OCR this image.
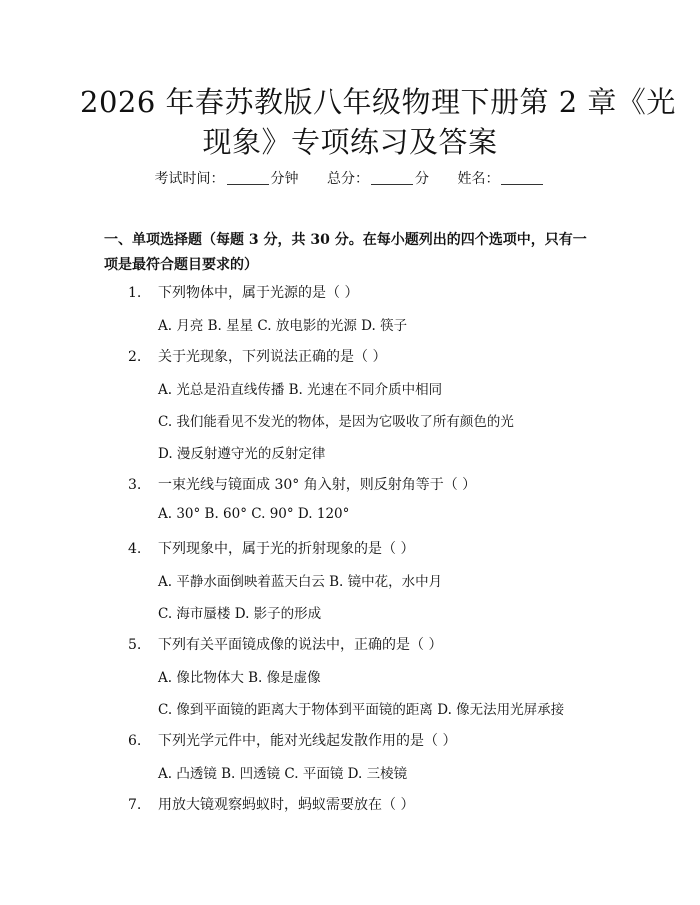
2026 年春苏教版八年级物理下册第 2 章《光
现象》专项练习及答案
考试时间：	分钟 总分：	分 姓名：
一、单项选择题（每题 3 分，共 30 分。在每小题列出的四个选项中，只有一项是最符合题目要求的）
1. 下列物体中，属于光源的是（ ）
A. 月亮 B. 星星 C. 放电影的光源 D. 筷子
2. 关于光现象，下列说法正确的是（ ）
A. 光总是沿直线传播 B. 光速在不同介质中相同
C. 我们能看见不发光的物体，是因为它吸收了所有颜色的光
D. 漫反射遵守光的反射定律
3. 一束光线与镜面成 30° 角入射，则反射角等于（ ）
A. 30° B. 60° C. 90° D. 120°
4. 下列现象中，属于光的折射现象的是（ ）
A. 平静水面倒映着蓝天白云 B. 镜中花，水中月
C. 海市蜃楼 D. 影子的形成
5. 下列有关平面镜成像的说法中，正确的是（ ）
A. 像比物体大 B. 像是虚像
C. 像到平面镜的距离大于物体到平面镜的距离 D. 像无法用光屏承接
6. 下列光学元件中，能对光线起发散作用的是（ ）
A. 凸透镜 B. 凹透镜 C. 平面镜 D. 三棱镜
7. 用放大镜观察蚂蚁时，蚂蚁需要放在（ ）
